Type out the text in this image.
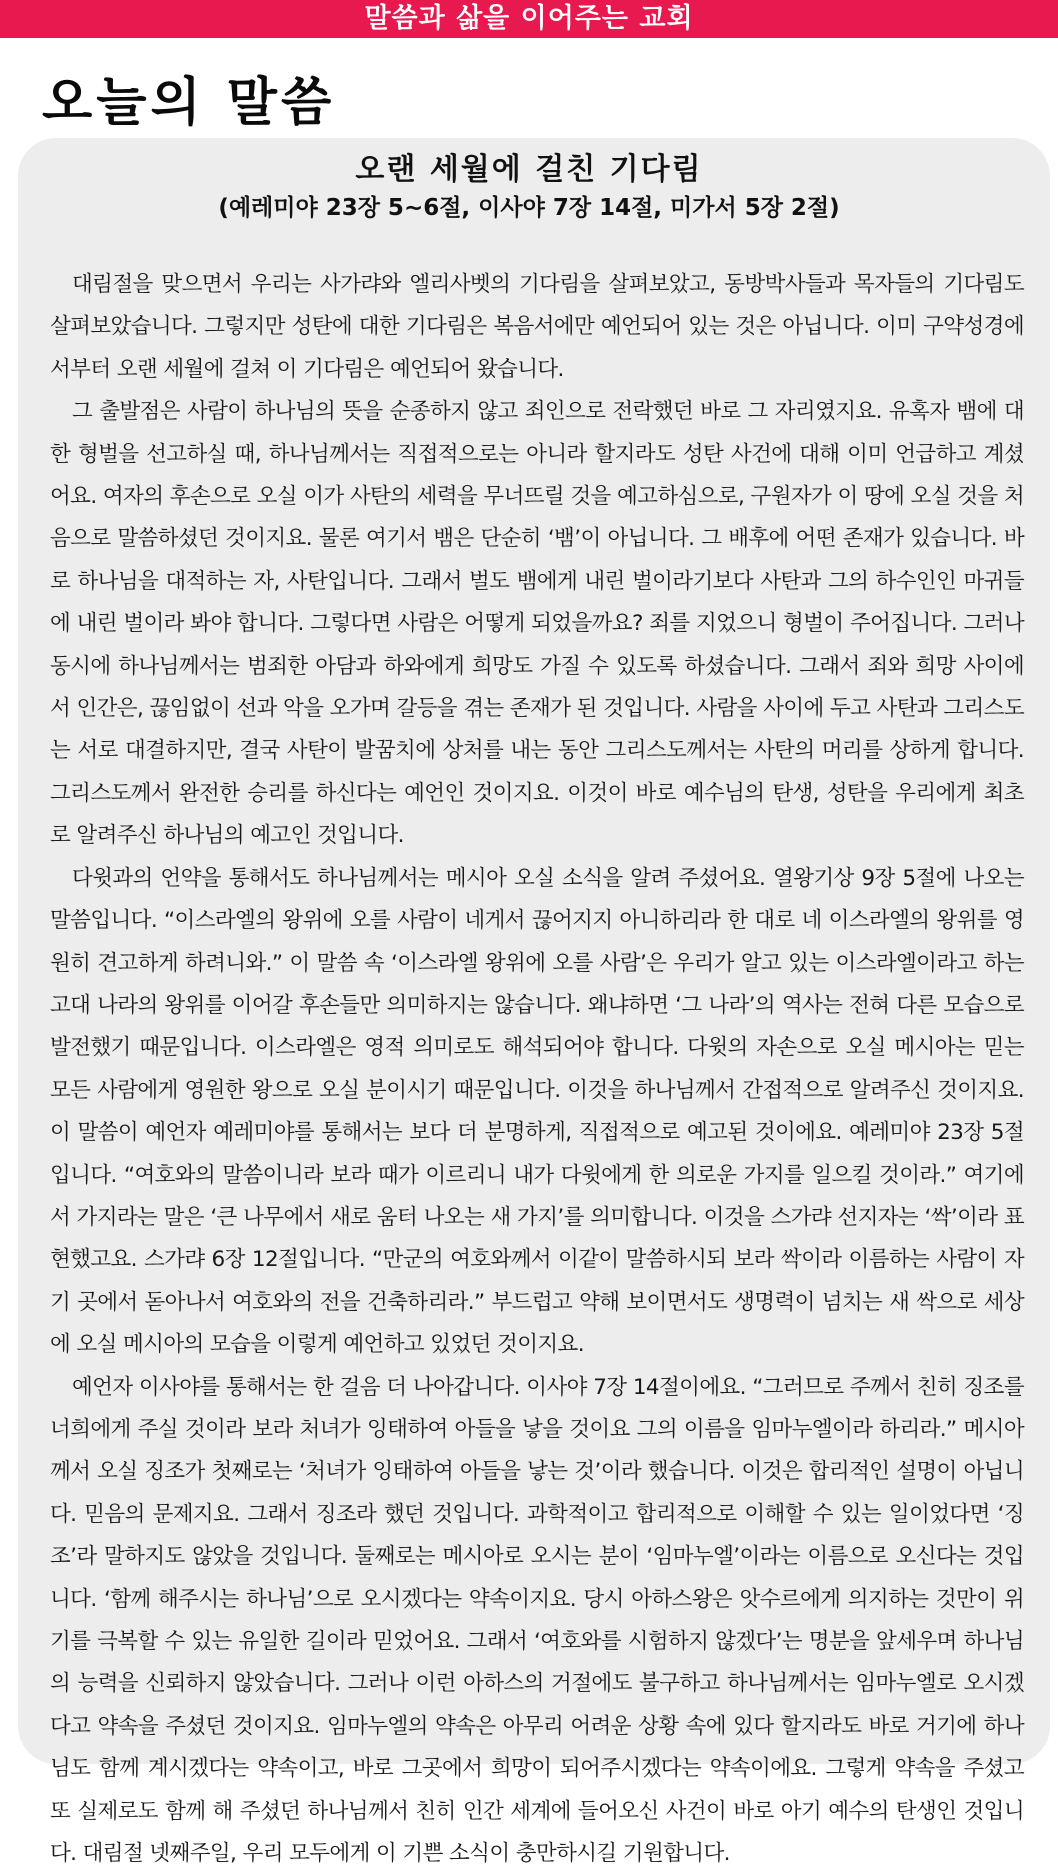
말씀과 삶을 이어주는 교회
오늘의 말씀
오랜 세월에 걸친 기다림
(예레미야 23장 5~6절, 이사야 7장 14절, 미가서 5장 2절)

대림절을 맞으면서 우리는 사가랴와 엘리사벳의 기다림을 살펴보았고, 동방박사들과 목자들의 기다림도 살펴보았습니다. 그렇지만 성탄에 대한 기다림은 복음서에만 예언되어 있는 것은 아닙니다. 이미 구약성경에서부터 오랜 세월에 걸쳐 이 기다림은 예언되어 왔습니다.

그 출발점은 사람이 하나님의 뜻을 순종하지 않고 죄인으로 전락했던 바로 그 자리였지요. 유혹자 뱀에 대한 형벌을 선고하실 때, 하나님께서는 직접적으로는 아니라 할지라도 성탄 사건에 대해 이미 언급하고 계셨어요. 여자의 후손으로 오실 이가 사탄의 세력을 무너뜨릴 것을 예고하심으로, 구원자가 이 땅에 오실 것을 처음으로 말씀하셨던 것이지요. 물론 여기서 뱀은 단순히 ‘뱀’이 아닙니다. 그 배후에 어떤 존재가 있습니다. 바로 하나님을 대적하는 자, 사탄입니다. 그래서 벌도 뱀에게 내린 벌이라기보다 사탄과 그의 하수인인 마귀들에 내린 벌이라 봐야 합니다. 그렇다면 사람은 어떻게 되었을까요? 죄를 지었으니 형벌이 주어집니다. 그러나 동시에 하나님께서는 범죄한 아담과 하와에게 희망도 가질 수 있도록 하셨습니다. 그래서 죄와 희망 사이에서 인간은, 끊임없이 선과 악을 오가며 갈등을 겪는 존재가 된 것입니다. 사람을 사이에 두고 사탄과 그리스도는 서로 대결하지만, 결국 사탄이 발꿈치에 상처를 내는 동안 그리스도께서는 사탄의 머리를 상하게 합니다. 그리스도께서 완전한 승리를 하신다는 예언인 것이지요. 이것이 바로 예수님의 탄생, 성탄을 우리에게 최초로 알려주신 하나님의 예고인 것입니다.

다윗과의 언약을 통해서도 하나님께서는 메시아 오실 소식을 알려 주셨어요. 열왕기상 9장 5절에 나오는 말씀입니다. “이스라엘의 왕위에 오를 사람이 네게서 끊어지지 아니하리라 한 대로 네 이스라엘의 왕위를 영원히 견고하게 하려니와.” 이 말씀 속 ‘이스라엘 왕위에 오를 사람’은 우리가 알고 있는 이스라엘이라고 하는 고대 나라의 왕위를 이어갈 후손들만 의미하지는 않습니다. 왜냐하면 ‘그 나라’의 역사는 전혀 다른 모습으로 발전했기 때문입니다. 이스라엘은 영적 의미로도 해석되어야 합니다. 다윗의 자손으로 오실 메시아는 믿는 모든 사람에게 영원한 왕으로 오실 분이시기 때문입니다. 이것을 하나님께서 간접적으로 알려주신 것이지요. 이 말씀이 예언자 예레미야를 통해서는 보다 더 분명하게, 직접적으로 예고된 것이에요. 예레미야 23장 5절입니다. “여호와의 말씀이니라 보라 때가 이르리니 내가 다윗에게 한 의로운 가지를 일으킬 것이라.” 여기에서 가지라는 말은 ‘큰 나무에서 새로 움터 나오는 새 가지’를 의미합니다. 이것을 스가랴 선지자는 ‘싹’이라 표현했고요. 스가랴 6장 12절입니다. “만군의 여호와께서 이같이 말씀하시되 보라 싹이라 이름하는 사람이 자기 곳에서 돋아나서 여호와의 전을 건축하리라.” 부드럽고 약해 보이면서도 생명력이 넘치는 새 싹으로 세상에 오실 메시아의 모습을 이렇게 예언하고 있었던 것이지요.

예언자 이사야를 통해서는 한 걸음 더 나아갑니다. 이사야 7장 14절이에요. “그러므로 주께서 친히 징조를 너희에게 주실 것이라 보라 처녀가 잉태하여 아들을 낳을 것이요 그의 이름을 임마누엘이라 하리라.” 메시아께서 오실 징조가 첫째로는 ‘처녀가 잉태하여 아들을 낳는 것’이라 했습니다. 이것은 합리적인 설명이 아닙니다. 믿음의 문제지요. 그래서 징조라 했던 것입니다. 과학적이고 합리적으로 이해할 수 있는 일이었다면 ‘징조’라 말하지도 않았을 것입니다. 둘째로는 메시아로 오시는 분이 ‘임마누엘’이라는 이름으로 오신다는 것입니다. ‘함께 해주시는 하나님’으로 오시겠다는 약속이지요. 당시 아하스왕은 앗수르에게 의지하는 것만이 위기를 극복할 수 있는 유일한 길이라 믿었어요. 그래서 ‘여호와를 시험하지 않겠다’는 명분을 앞세우며 하나님의 능력을 신뢰하지 않았습니다. 그러나 이런 아하스의 거절에도 불구하고 하나님께서는 임마누엘로 오시겠다고 약속을 주셨던 것이지요. 임마누엘의 약속은 아무리 어려운 상황 속에 있다 할지라도 바로 거기에 하나님도 함께 계시겠다는 약속이고, 바로 그곳에서 희망이 되어주시겠다는 약속이에요. 그렇게 약속을 주셨고 또 실제로도 함께 해 주셨던 하나님께서 친히 인간 세계에 들어오신 사건이 바로 아기 예수의 탄생인 것입니다. 대림절 넷째주일, 우리 모두에게 이 기쁜 소식이 충만하시길 기원합니다.
